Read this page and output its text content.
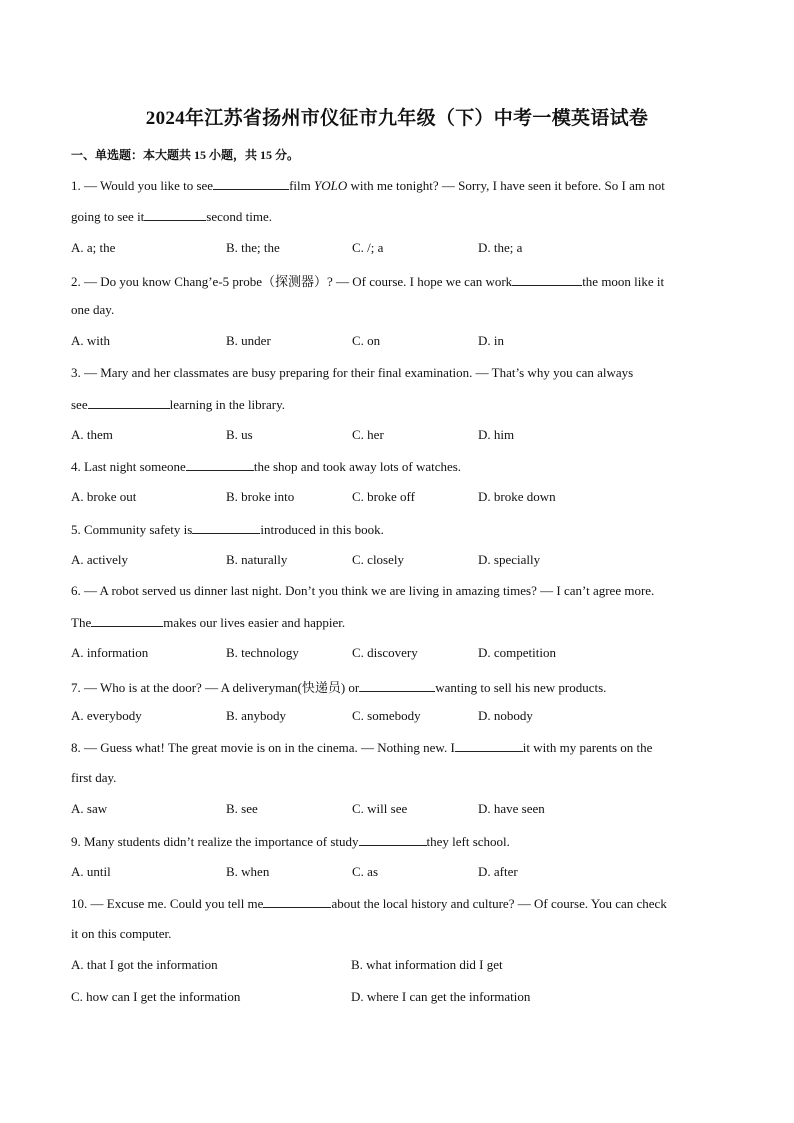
2024年江苏省扬州市仪征市九年级（下）中考一模英语试卷
一、单选题：本大题共 15 小题，共 15 分。
1. — Would you like to see	film YOLO with me tonight? — Sorry, I have seen it before. So I am not
going to see it	second time.
A. a; the	B. the; the	C. /; a	D. the; a
2. — Do you know Chang’e-5 probe（探测器）? — Of course. I hope we can work	the moon like it
one day.
A. with	B. under	C. on	D. in
3. — Mary and her classmates are busy preparing for their final examination. — That’s why you can always
see	learning in the library.
A. them	B. us	C. her	D. him
4. Last night someone	the shop and took away lots of watches.
A. broke out	B. broke into	C. broke off	D. broke down
5. Community safety is	introduced in this book.
A. actively	B. naturally	C. closely	D. specially
6. — A robot served us dinner last night. Don’t you think we are living in amazing times? — I can’t agree more.
The	makes our lives easier and happier.
A. information	B. technology	C. discovery	D. competition
7. — Who is at the door? — A deliveryman(快递员) or	wanting to sell his new products.
A. everybody	B. anybody	C. somebody	D. nobody
8. — Guess what! The great movie is on in the cinema. — Nothing new. I	it with my parents on the
first day.
A. saw	B. see	C. will see	D. have seen
9. Many students didn’t realize the importance of study	they left school.
A. until	B. when	C. as	D. after
10. — Excuse me. Could you tell me	about the local history and culture? — Of course. You can check
it on this computer.
A. that I got the information	B. what information did I get
C. how can I get the information	D. where I can get the information
